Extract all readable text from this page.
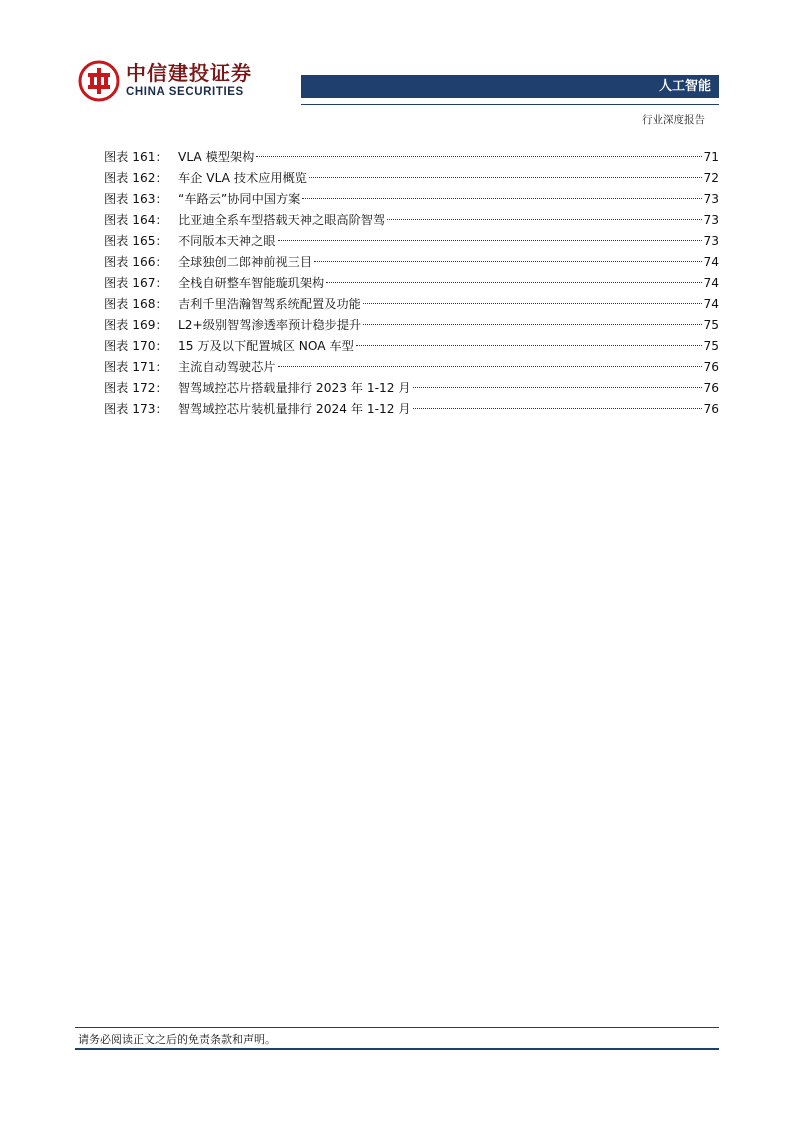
中信建投证券
CHINA SECURITIES	人工智能
行业深度报告
图表 161： VLA 模型架构	71
图表 162： 车企 VLA 技术应用概览	72
图表 163： “车路云”协同中国方案	73
图表 164： 比亚迪全系车型搭载天神之眼高阶智驾	73
图表 165： 不同版本天神之眼	73
图表 166： 全球独创二郎神前视三目	74
图表 167： 全栈自研整车智能璇玑架构	74
图表 168： 吉利千里浩瀚智驾系统配置及功能	74
图表 169： L2+级别智驾渗透率预计稳步提升	75
图表 170： 15 万及以下配置城区 NOA 车型	75
图表 171： 主流自动驾驶芯片	76
图表 172： 智驾域控芯片搭载量排行 2023 年 1-12 月	76
图表 173： 智驾域控芯片装机量排行 2024 年 1-12 月	76
请务必阅读正文之后的免责条款和声明。
